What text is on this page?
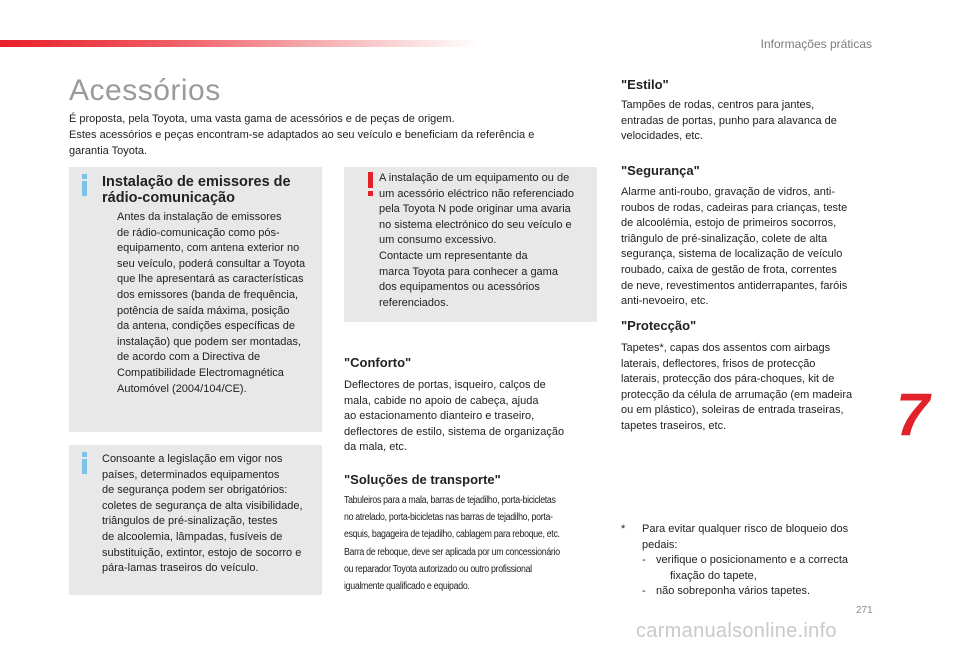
Informações práticas
Acessórios
É proposta, pela Toyota, uma vasta gama de acessórios e de peças de origem.
Estes acessórios e peças encontram-se adaptados ao seu veículo e beneficiam da referência e
garantia Toyota.
Instalação de emissores de
rádio-comunicação
Antes da instalação de emissores
de rádio-comunicação como pós-
equipamento, com antena exterior no
seu veículo, poderá consultar a Toyota
que lhe apresentará as características
dos emissores (banda de frequência,
potência de saída máxima, posição
da antena, condições específicas de
instalação) que podem ser montadas,
de acordo com a Directiva de
Compatibilidade Electromagnética
Automóvel (2004/104/CE).
Consoante a legislação em vigor nos
países, determinados equipamentos
de segurança podem ser obrigatórios:
coletes de segurança de alta visibilidade,
triângulos de pré-sinalização, testes
de alcoolemia, lâmpadas, fusíveis de
substituição, extintor, estojo de socorro e
pára-lamas traseiros do veículo.
A instalação de um equipamento ou de
um acessório eléctrico não referenciado
pela Toyota N pode originar uma avaria
no sistema electrónico do seu veículo e
um consumo excessivo.
Contacte um representante da
marca Toyota para conhecer a gama
dos equipamentos ou acessórios
referenciados.
"Conforto"
Deflectores de portas, isqueiro, calços de
mala, cabide no apoio de cabeça, ajuda
ao estacionamento dianteiro e traseiro,
deflectores de estilo, sistema de organização
da mala, etc.
"Soluções de transporte"
Tabuleiros para a mala, barras de tejadilho, porta-bicicletas
no atrelado, porta-bicicletas nas barras de tejadilho, porta-
esquis, bagageira de tejadilho, cablagem para reboque, etc.
Barra de reboque, deve ser aplicada por um concessionário
ou reparador Toyota autorizado ou outro profissional
igualmente qualificado e equipado.
"Estilo"
Tampões de rodas, centros para jantes,
entradas de portas, punho para alavanca de
velocidades, etc.
"Segurança"
Alarme anti-roubo, gravação de vidros, anti-
roubos de rodas, cadeiras para crianças, teste
de alcoolémia, estojo de primeiros socorros,
triângulo de pré-sinalização, colete de alta
segurança, sistema de localização de veículo
roubado, caixa de gestão de frota, correntes
de neve, revestimentos antiderrapantes, faróis
anti-nevoeiro, etc.
"Protecção"
Tapetes*, capas dos assentos com airbags
laterais, deflectores, frisos de protecção
laterais, protecção dos pára-choques, kit de
protecção da célula de arrumação (em madeira
ou em plástico), soleiras de entrada traseiras,
tapetes traseiros, etc.	7
* Para evitar qualquer risco de bloqueio dos
pedais:
- verifique o posicionamento e a correcta
fixação do tapete,
- não sobreponha vários tapetes.
271
carmanualsonline.info
